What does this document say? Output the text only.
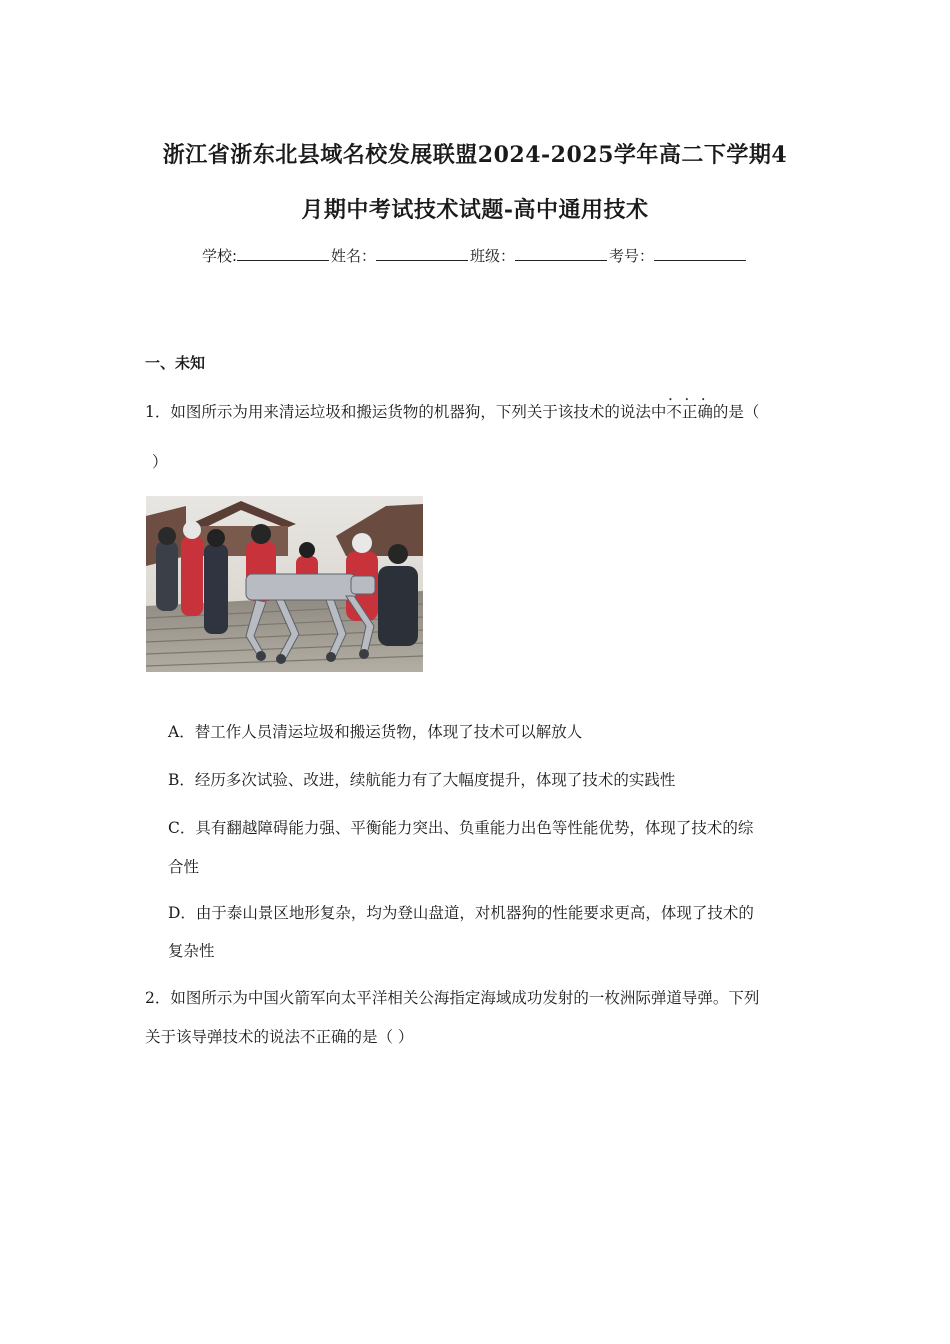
浙江省浙东北县域名校发展联盟2024-2025学年高二下学期4
月期中考试技术试题-高中通用技术
学校:	姓名：	班级：	考号：
一、未知
1．如图所示为用来清运垃圾和搬运货物的机器狗，下列关于该技术的说法中• • • 不正确的是（
）
A．替工作人员清运垃圾和搬运货物，体现了技术可以解放人
B．经历多次试验、改进，续航能力有了大幅度提升，体现了技术的实践性
C．具有翻越障碍能力强、平衡能力突出、负重能力出色等性能优势，体现了技术的综
合性
D．由于泰山景区地形复杂，均为登山盘道，对机器狗的性能要求更高，体现了技术的
复杂性
2．如图所示为中国火箭军向太平洋相关公海指定海域成功发射的一枚洲际弹道导弹。下列
关于该导弹技术的说法不正确的是（ ）
